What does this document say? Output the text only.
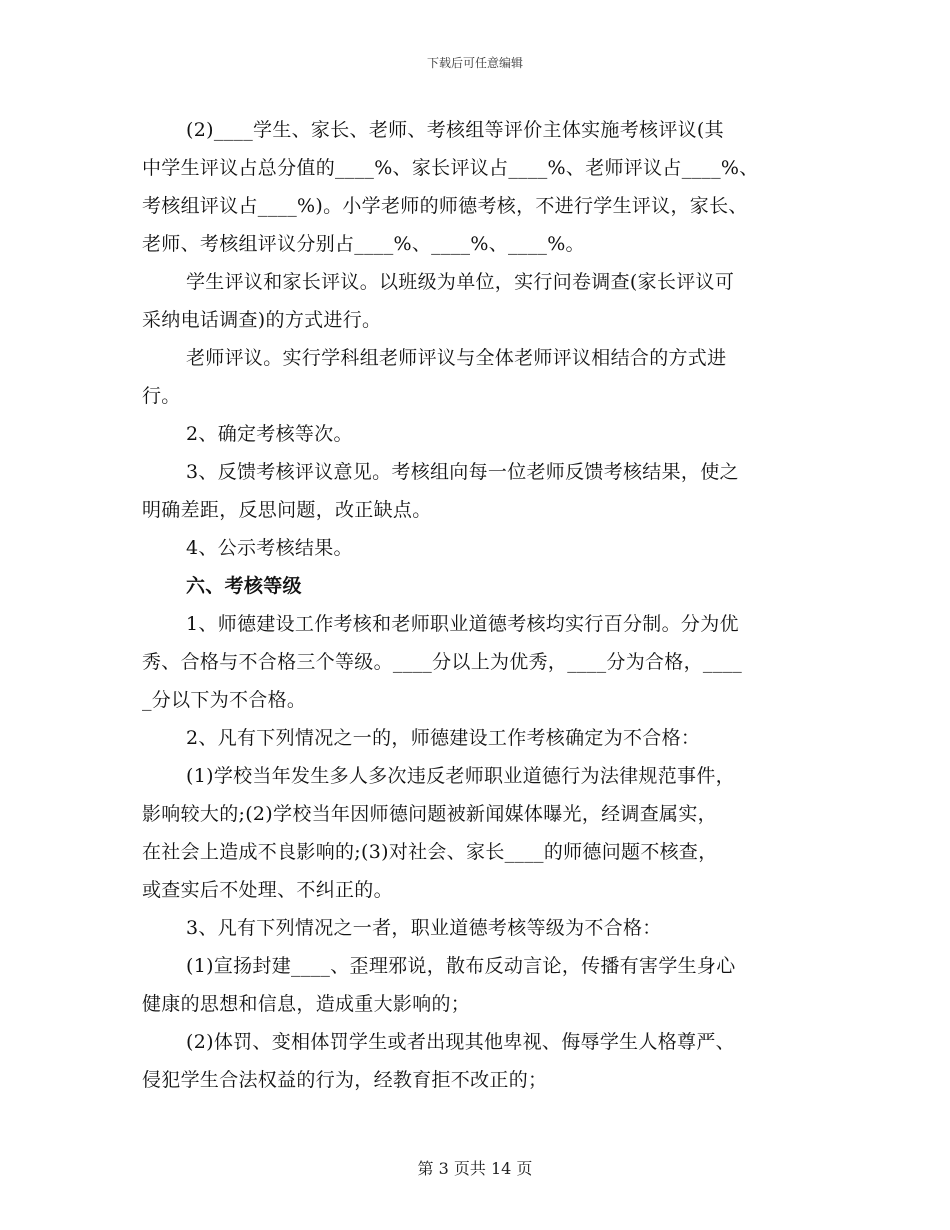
下载后可任意编辑
(2)____学生、家长、老师、考核组等评价主体实施考核评议(其
中学生评议占总分值的____%、家长评议占____%、老师评议占____%、
考核组评议占____%)。小学老师的师德考核，不进行学生评议，家长、
老师、考核组评议分别占____%、____%、____%。
学生评议和家长评议。以班级为单位，实行问卷调查(家长评议可
采纳电话调查)的方式进行。
老师评议。实行学科组老师评议与全体老师评议相结合的方式进
行。
2、确定考核等次。
3、反馈考核评议意见。考核组向每一位老师反馈考核结果，使之
明确差距，反思问题，改正缺点。
4、公示考核结果。
六、考核等级
1、师德建设工作考核和老师职业道德考核均实行百分制。分为优
秀、合格与不合格三个等级。____分以上为优秀，____分为合格，____
_分以下为不合格。
2、凡有下列情况之一的，师德建设工作考核确定为不合格：
(1)学校当年发生多人多次违反老师职业道德行为法律规范事件，
影响较大的;(2)学校当年因师德问题被新闻媒体曝光，经调查属实，
在社会上造成不良影响的;(3)对社会、家长____的师德问题不核查，
或查实后不处理、不纠正的。
3、凡有下列情况之一者，职业道德考核等级为不合格：
(1)宣扬封建____、歪理邪说，散布反动言论，传播有害学生身心
健康的思想和信息，造成重大影响的；
(2)体罚、变相体罚学生或者出现其他卑视、侮辱学生人格尊严、
侵犯学生合法权益的行为，经教育拒不改正的；
第 3 页共 14 页
